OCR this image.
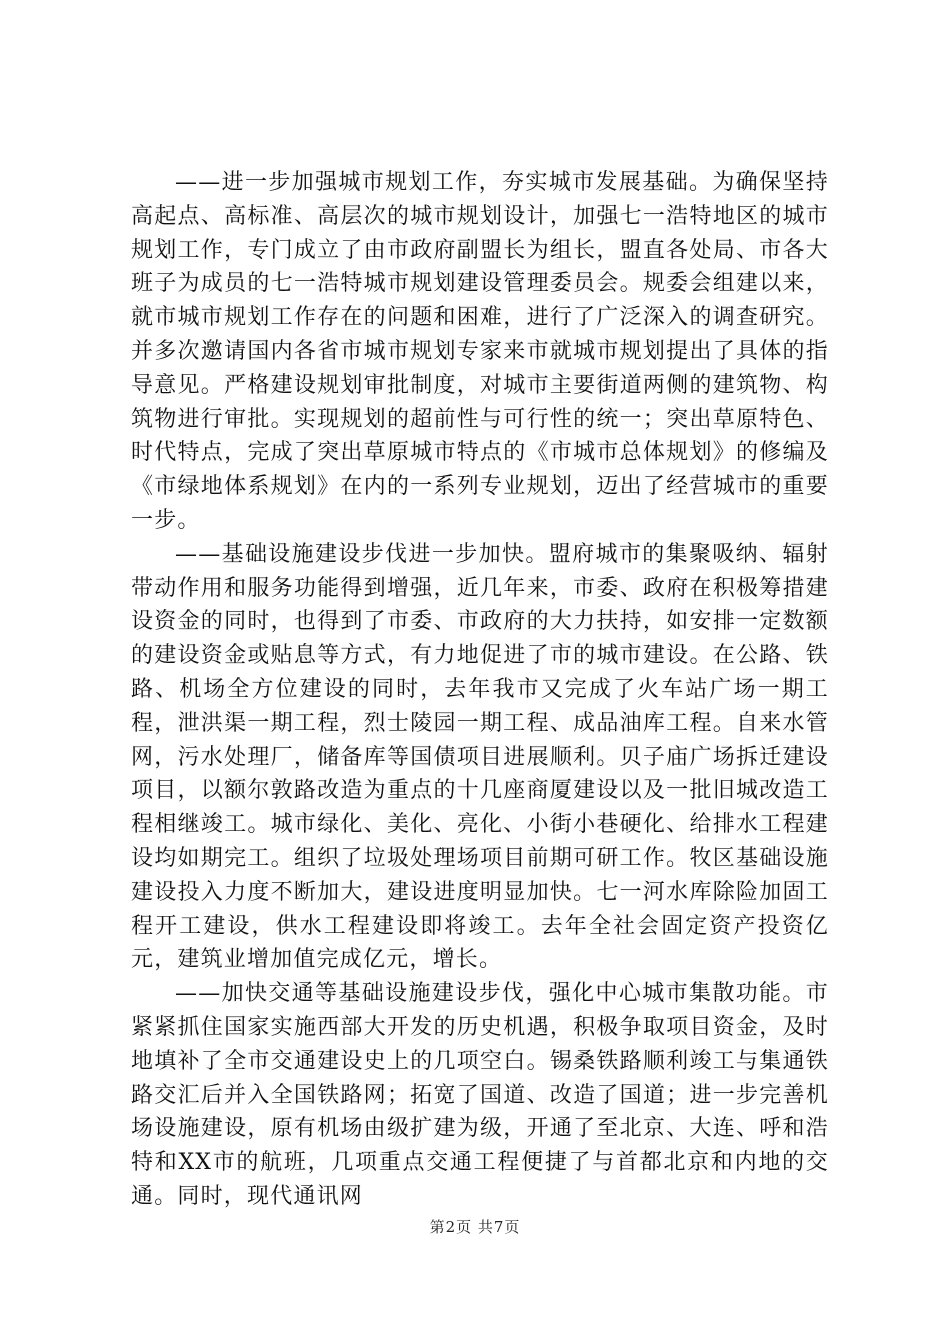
——进一步加强城市规划工作，夯实城市发展基础。为确保坚持高起点、高标准、高层次的城市规划设计，加强七一浩特地区的城市规划工作，专门成立了由市政府副盟长为组长，盟直各处局、市各大班子为成员的七一浩特城市规划建设管理委员会。规委会组建以来，就市城市规划工作存在的问题和困难，进行了广泛深入的调查研究。并多次邀请国内各省市城市规划专家来市就城市规划提出了具体的指导意见。严格建设规划审批制度，对城市主要街道两侧的建筑物、构筑物进行审批。实现规划的超前性与可行性的统一；突出草原特色、时代特点，完成了突出草原城市特点的《市城市总体规划》的修编及《市绿地体系规划》在内的一系列专业规划，迈出了经营城市的重要一步。

——基础设施建设步伐进一步加快。盟府城市的集聚吸纳、辐射带动作用和服务功能得到增强，近几年来，市委、政府在积极筹措建设资金的同时，也得到了市委、市政府的大力扶持，如安排一定数额的建设资金或贴息等方式，有力地促进了市的城市建设。在公路、铁路、机场全方位建设的同时，去年我市又完成了火车站广场一期工程，泄洪渠一期工程，烈士陵园一期工程、成品油库工程。自来水管网，污水处理厂，储备库等国债项目进展顺利。贝子庙广场拆迁建设项目，以额尔敦路改造为重点的十几座商厦建设以及一批旧城改造工程相继竣工。城市绿化、美化、亮化、小街小巷硬化、给排水工程建设均如期完工。组织了垃圾处理场项目前期可研工作。牧区基础设施建设投入力度不断加大，建设进度明显加快。七一河水库除险加固工程开工建设，供水工程建设即将竣工。去年全社会固定资产投资亿元，建筑业增加值完成亿元，增长。

——加快交通等基础设施建设步伐，强化中心城市集散功能。市紧紧抓住国家实施西部大开发的历史机遇，积极争取项目资金，及时地填补了全市交通建设史上的几项空白。锡桑铁路顺利竣工与集通铁路交汇后并入全国铁路网；拓宽了国道、改造了国道；进一步完善机场设施建设，原有机场由级扩建为级，开通了至北京、大连、呼和浩特和XX市的航班，几项重点交通工程便捷了与首都北京和内地的交通。同时，现代通讯网

第2页 共7页
